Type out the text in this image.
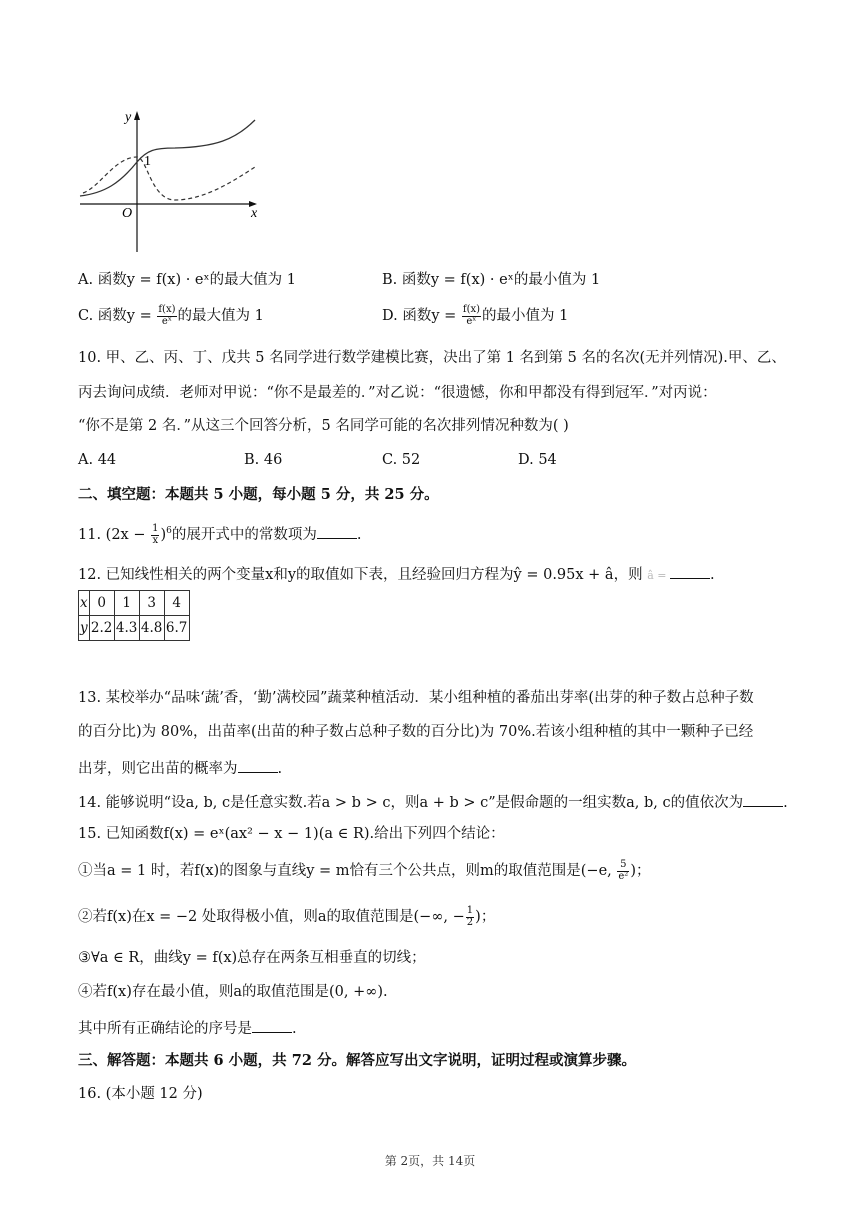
y
x
O
1
A. 函数y = f(x) · eˣ的最大值为 1	B. 函数y = f(x) · eˣ的最小值为 1
C. 函数$y = \frac{f(x)}{\text{eˣ}}$ 的最大值为 1	D. 函数$y = \frac{f(x)}{\text{eˣ}}$ 的最小值为 1
10. 甲、乙、丙、丁、戊共 5 名同学进行数学建模比赛，决出了第 1 名到第 5 名的名次(无并列情况).甲、乙、
丙去询问成绩．老师对甲说：“你不是最差的．”对乙说：“很遗憾，你和甲都没有得到冠军．”对丙说：
“你不是第 2 名．”从这三个回答分析，5 名同学可能的名次排列情况种数为( )
A. 44	B. 46	C. 52	D. 54
二、填空题：本题共 5 小题，每小题 5 分，共 25 分。
11. $(2x - \frac{1}{x} )^6$的展开式中的常数项为	.
12. 已知线性相关的两个变量x和y的取值如下表，且经验回归方程为ŷ = 0.95x + â，则 â =	.
x	0	1	3	4
y	2.2	4.3	4.8	6.7
13. 某校举办“品味‘蔬’香，‘勤’满校园”蔬菜种植活动．某小组种植的番茄出芽率(出芽的种子数占总种子数
的百分比)为 80%，出苗率(出苗的种子数占总种子数的百分比)为 70%.若该小组种植的其中一颗种子已经
出芽，则它出苗的概率为	.
14. 能够说明“设a, b, c是任意实数.若a > b > c，则a + b > c”是假命题的一组实数a, b, c的值依次为	.
15. 已知函数f(x) = eˣ(ax² − x − 1)(a ∈ R).给出下列四个结论：
①当a = 1 时，若f(x)的图象与直线y = m恰有三个公共点，则m的取值范围是(−e, $\frac{5}{\text{e²}}$ )；
②若f(x)在x = −2 处取得极小值，则a的取值范围是(−∞, − $\frac{1}{2}$ )；
③∀a ∈ R，曲线y = f(x)总存在两条互相垂直的切线；
④若f(x)存在最小值，则a的取值范围是(0, +∞).
其中所有正确结论的序号是	.
三、解答题：本题共 6 小题，共 72 分。解答应写出文字说明，证明过程或演算步骤。
16. (本小题 12 分)
第 2页，共 14页
